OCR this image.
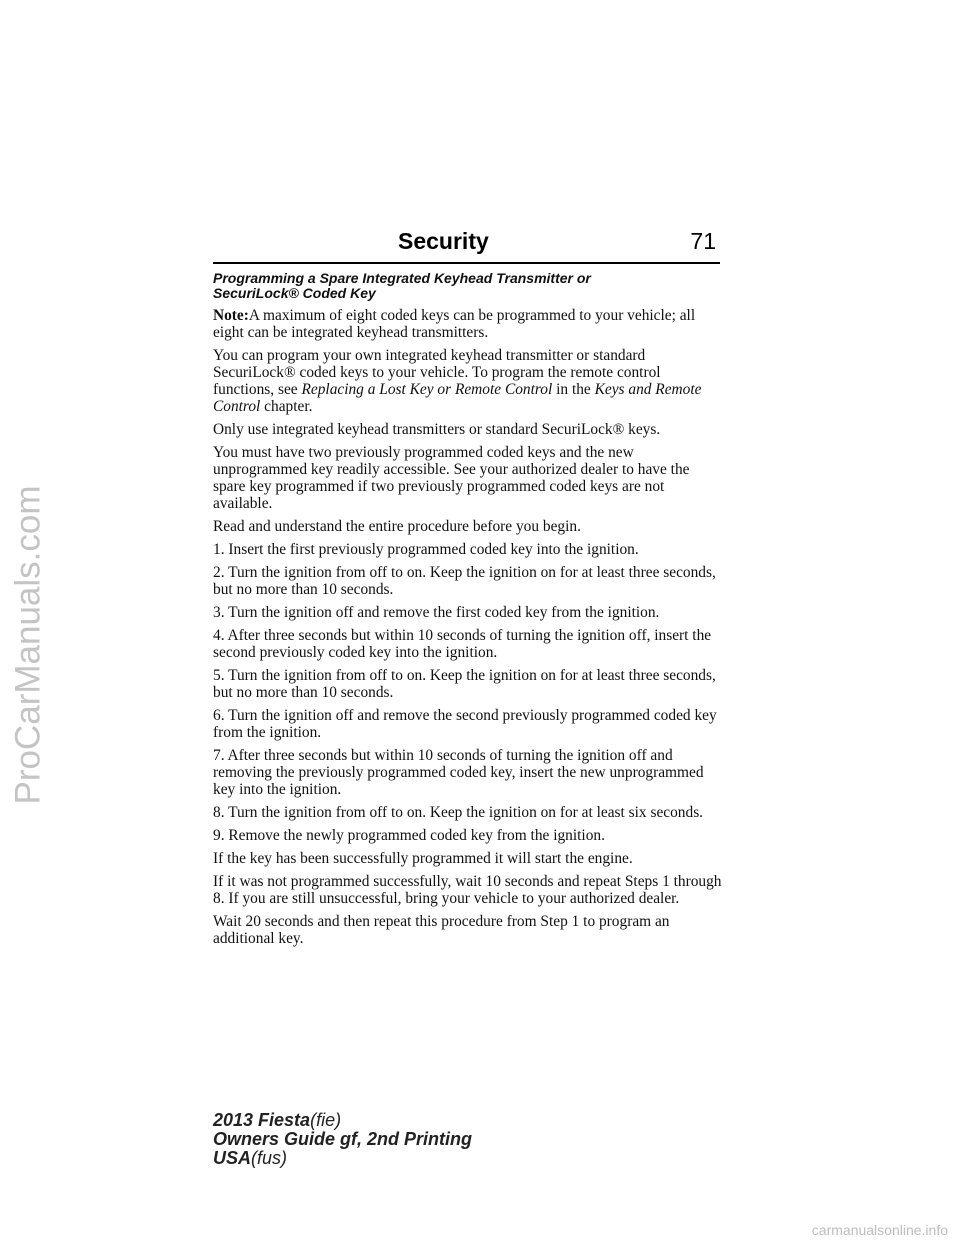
ProCarManuals.com
Security	71
Programming a Spare Integrated Keyhead Transmitter or
SecuriLock® Coded Key

Note:A maximum of eight coded keys can be programmed to your vehicle; all eight can be integrated keyhead transmitters.

You can program your own integrated keyhead transmitter or standard SecuriLock® coded keys to your vehicle. To program the remote control functions, see Replacing a Lost Key or Remote Control in the Keys and Remote Control chapter.

Only use integrated keyhead transmitters or standard SecuriLock® keys.

You must have two previously programmed coded keys and the new unprogrammed key readily accessible. See your authorized dealer to have the spare key programmed if two previously programmed coded keys are not available.

Read and understand the entire procedure before you begin.

1. Insert the first previously programmed coded key into the ignition.

2. Turn the ignition from off to on. Keep the ignition on for at least three seconds, but no more than 10 seconds.

3. Turn the ignition off and remove the first coded key from the ignition.

4. After three seconds but within 10 seconds of turning the ignition off, insert the second previously coded key into the ignition.

5. Turn the ignition from off to on. Keep the ignition on for at least three seconds, but no more than 10 seconds.

6. Turn the ignition off and remove the second previously programmed coded key from the ignition.

7. After three seconds but within 10 seconds of turning the ignition off and removing the previously programmed coded key, insert the new unprogrammed key into the ignition.

8. Turn the ignition from off to on. Keep the ignition on for at least six seconds.

9. Remove the newly programmed coded key from the ignition.

If the key has been successfully programmed it will start the engine.

If it was not programmed successfully, wait 10 seconds and repeat Steps 1 through 8. If you are still unsuccessful, bring your vehicle to your authorized dealer.

Wait 20 seconds and then repeat this procedure from Step 1 to program an additional key.

2013 Fiesta(fie)
Owners Guide gf, 2nd Printing
USA(fus)
carmanualsonline.info
